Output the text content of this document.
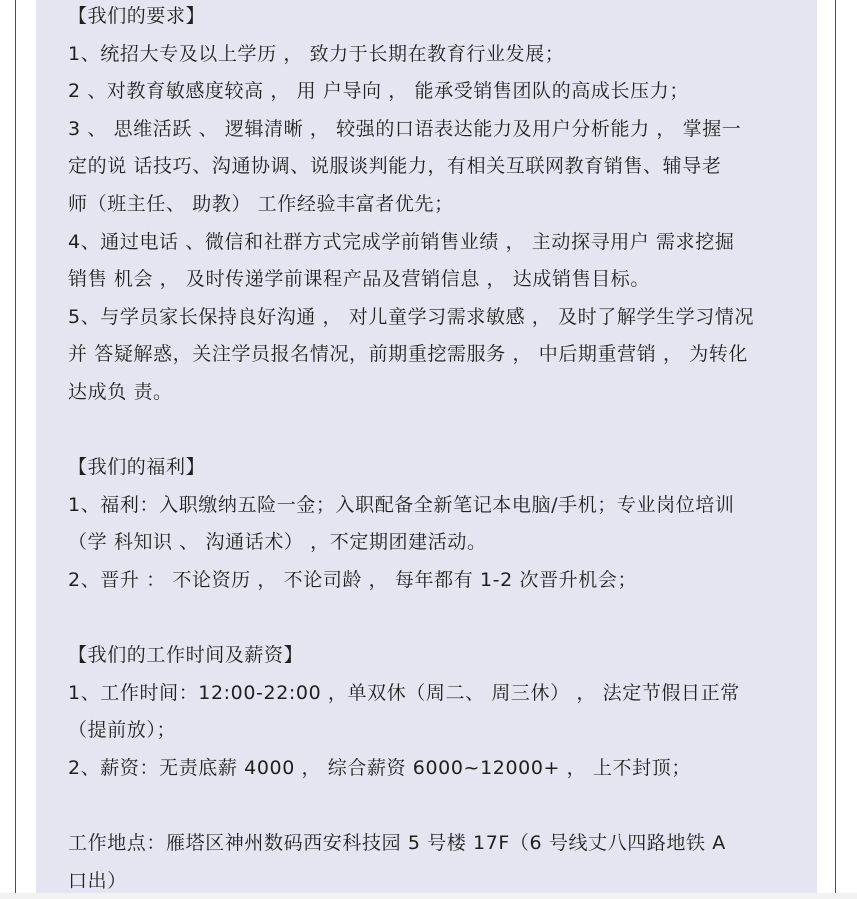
【我们的要求】
1、统招大专及以上学历 ， 致力于长期在教育行业发展；
2 、对教育敏感度较高 ， 用 户导向 ， 能承受销售团队的高成长压力；
3 、 思维活跃 、 逻辑清晰 ， 较强的口语表达能力及用户分析能力 ， 掌握一
定的说 话技巧、沟通协调、说服谈判能力，有相关互联网教育销售、辅导老
师（班主任、 助教） 工作经验丰富者优先；
4、通过电话 、微信和社群方式完成学前销售业绩 ， 主动探寻用户 需求挖掘
销售 机会 ， 及时传递学前课程产品及营销信息 ， 达成销售目标。
5、与学员家长保持良好沟通 ， 对儿童学习需求敏感 ， 及时了解学生学习情况
并 答疑解惑，关注学员报名情况，前期重挖需服务 ， 中后期重营销 ， 为转化
达成负 责。
【我们的福利】
1、福利：入职缴纳五险一金；入职配备全新笔记本电脑/手机；专业岗位培训
（学 科知识 、 沟通话术） ，不定期团建活动。
2、晋升 ： 不论资历 ， 不论司龄 ， 每年都有 1-2 次晋升机会；
【我们的工作时间及薪资】
1、工作时间：12:00-22:00 ，单双休（周二、 周三休） ， 法定节假日正常
（提前放）；
2、薪资：无责底薪 4000 ， 综合薪资 6000~12000+ ， 上不封顶；
工作地点：雁塔区神州数码西安科技园 5 号楼 17F（6 号线丈八四路地铁 A
口出）
